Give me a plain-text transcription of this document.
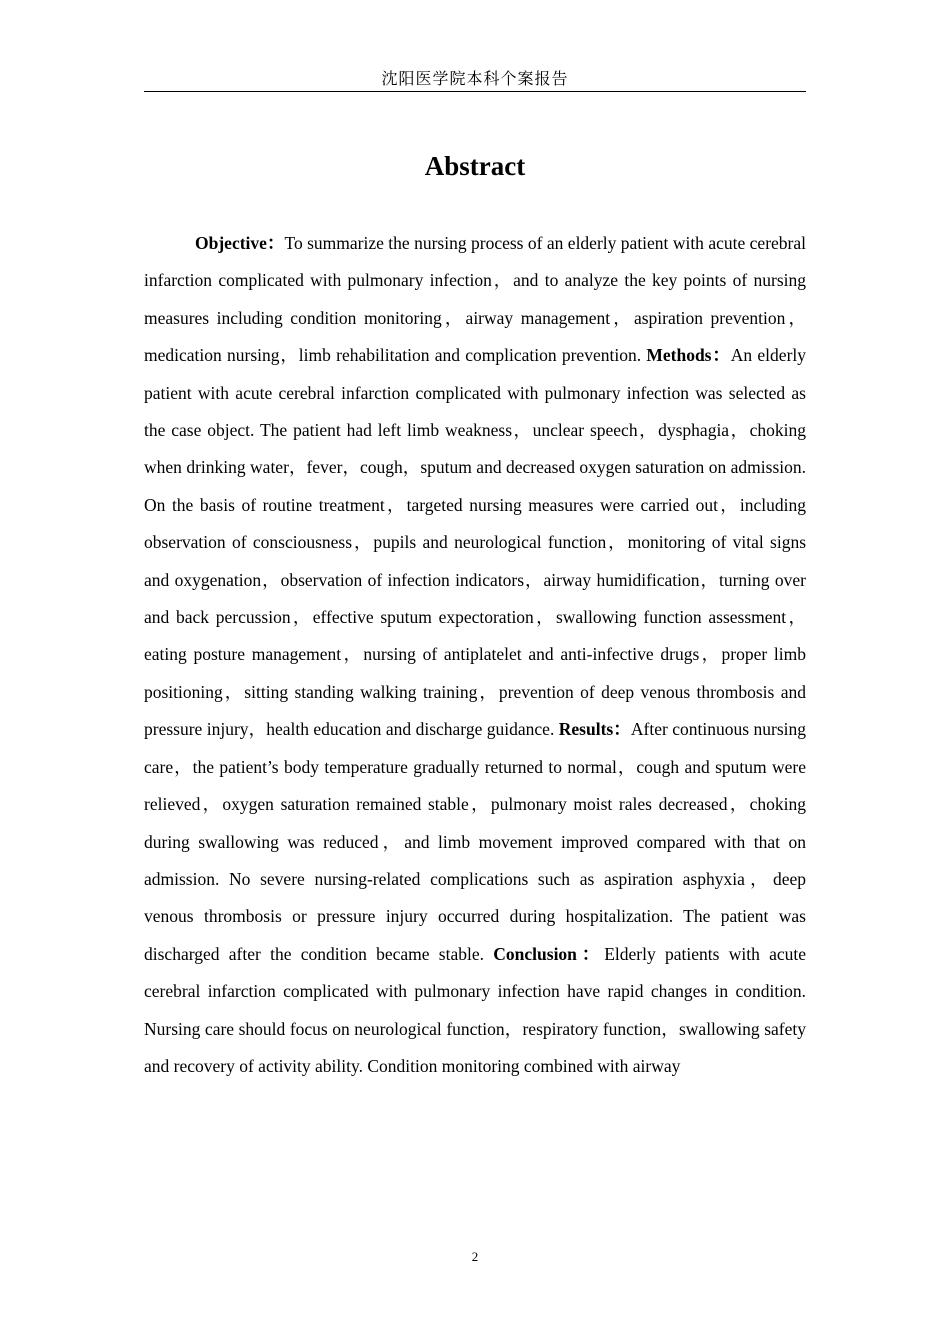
沈阳医学院本科个案报告
Abstract

Objective：To summarize the nursing process of an elderly patient with acute cerebral infarction complicated with pulmonary infection，and to analyze the key points of nursing measures including condition monitoring，airway management，aspiration prevention，medication nursing，limb rehabilitation and complication prevention. Methods：An elderly patient with acute cerebral infarction complicated with pulmonary infection was selected as the case object. The patient had left limb weakness，unclear speech，dysphagia，choking when drinking water，fever，cough，sputum and decreased oxygen saturation on admission. On the basis of routine treatment，targeted nursing measures were carried out，including observation of consciousness，pupils and neurological function，monitoring of vital signs and oxygenation，observation of infection indicators，airway humidification，turning over and back percussion，effective sputum expectoration，swallowing function assessment，eating posture management，nursing of antiplatelet and anti-infective drugs，proper limb positioning，sitting standing walking training，prevention of deep venous thrombosis and pressure injury，health education and discharge guidance. Results：After continuous nursing care，the patient’s body temperature gradually returned to normal，cough and sputum were relieved，oxygen saturation remained stable，pulmonary moist rales decreased，choking during swallowing was reduced，and limb movement improved compared with that on admission. No severe nursing-related complications such as aspiration asphyxia，deep venous thrombosis or pressure injury occurred during hospitalization. The patient was discharged after the condition became stable. Conclusion：Elderly patients with acute cerebral infarction complicated with pulmonary infection have rapid changes in condition. Nursing care should focus on neurological function，respiratory function，swallowing safety and recovery of activity ability. Condition monitoring combined with airway

2
